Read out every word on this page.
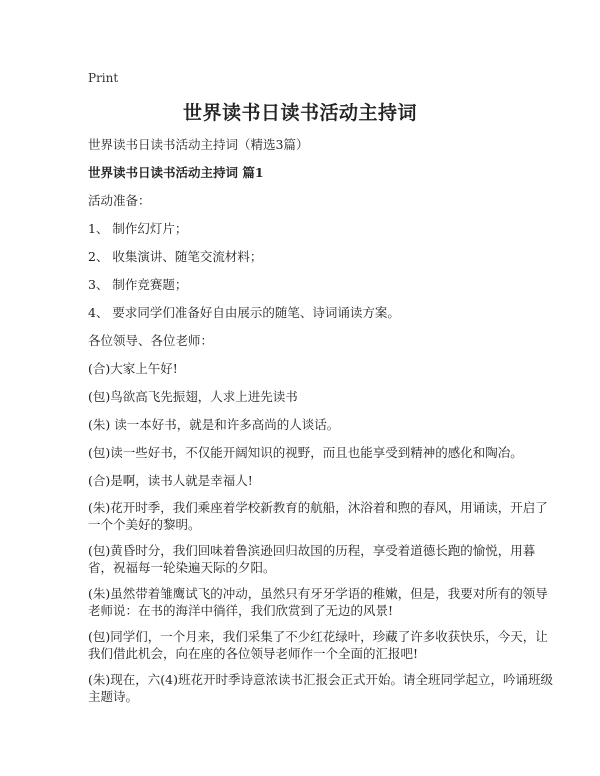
Print
世界读书日读书活动主持词
世界读书日读书活动主持词（精选3篇）
世界读书日读书活动主持词 篇1
活动准备：
1、 制作幻灯片；
2、 收集演讲、随笔交流材料；
3、 制作竞赛题；
4、 要求同学们准备好自由展示的随笔、诗词诵读方案。
各位领导、各位老师：
(合)大家上午好!
(包)鸟欲高飞先振翅，人求上进先读书
(朱) 读一本好书，就是和许多高尚的人谈话。
(包)读一些好书，不仅能开阔知识的视野，而且也能享受到精神的感化和陶冶。
(合)是啊，读书人就是幸福人!
(朱)花开时季，我们乘座着学校新教育的航船，沐浴着和煦的春风，用诵读，开启了一个个美好的黎明。
(包)黄昏时分，我们回味着鲁滨逊回归故国的历程，享受着道德长跑的愉悦，用暮省，祝福每一轮染遍天际的夕阳。
(朱)虽然带着雏鹰试飞的冲动，虽然只有牙牙学语的稚嫩，但是，我要对所有的领导老师说：在书的海洋中徜徉，我们欣赏到了无边的风景!
(包)同学们，一个月来，我们采集了不少红花绿叶，珍藏了许多收获快乐，今天，让我们借此机会，向在座的各位领导老师作一个全面的汇报吧!
(朱)现在，六(4)班花开时季诗意浓读书汇报会正式开始。请全班同学起立，吟诵班级主题诗。
